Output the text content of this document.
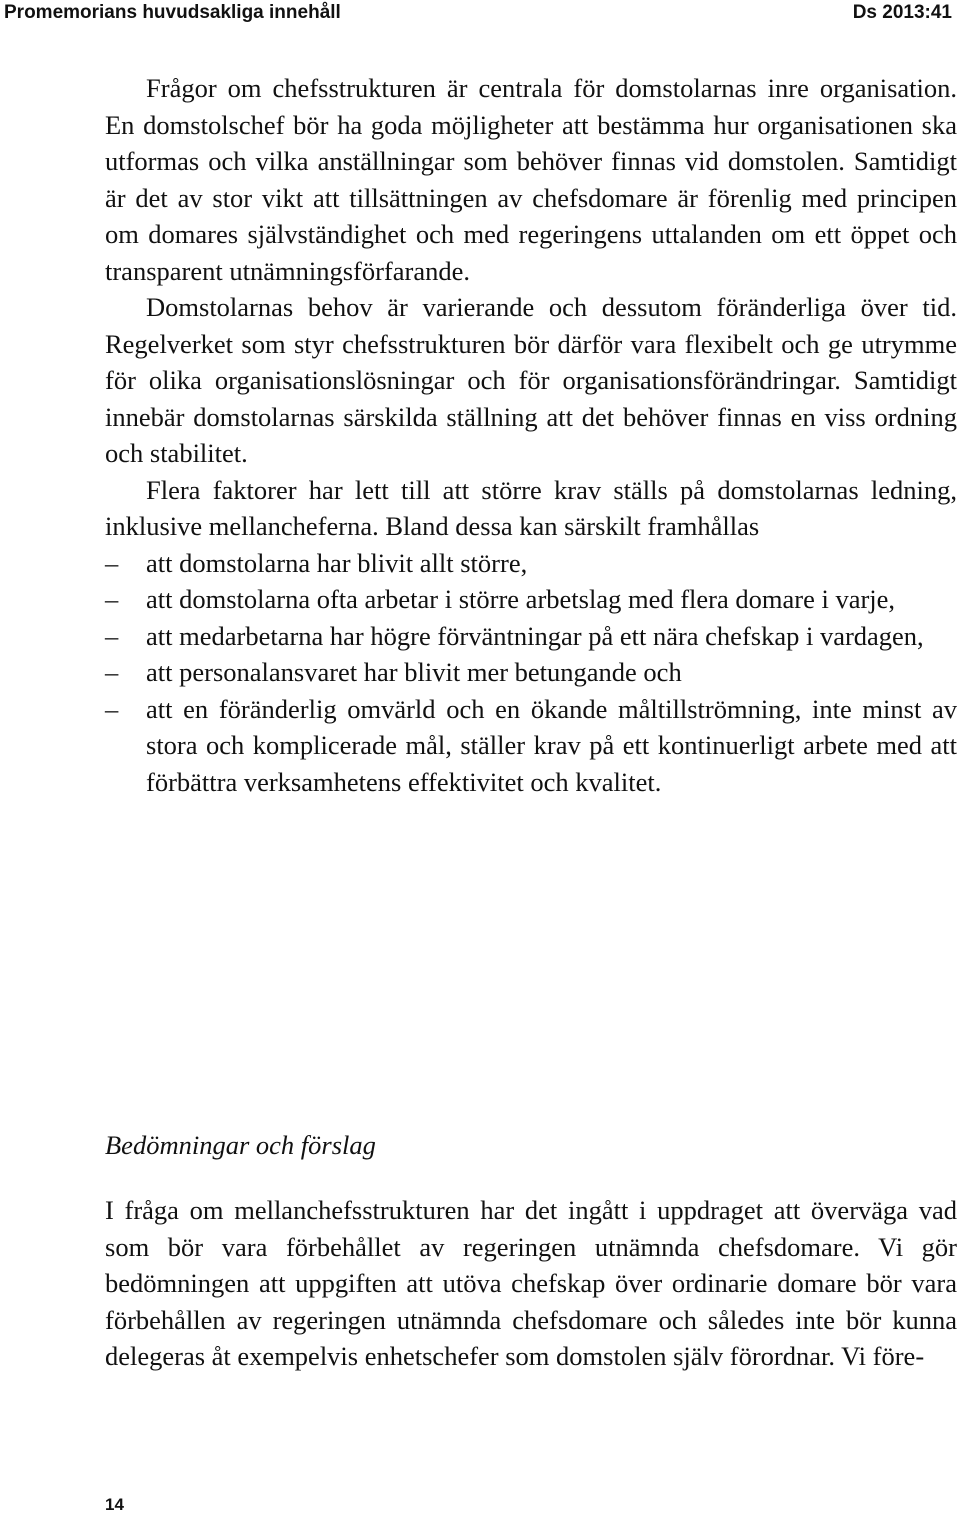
Promemorians huvudsakliga innehåll	Ds 2013:41

Frågor om chefsstrukturen är centrala för domstolarnas inre organisation. En domstolschef bör ha goda möjligheter att bestämma hur organisationen ska utformas och vilka anställningar som behöver finnas vid domstolen. Samtidigt är det av stor vikt att tillsättningen av chefsdomare är förenlig med principen om domares självständighet och med regeringens uttalanden om ett öppet och transparent utnämningsförfarande.

Domstolarnas behov är varierande och dessutom föränderliga över tid. Regelverket som styr chefsstrukturen bör därför vara flexibelt och ge utrymme för olika organisationslösningar och för organisationsförändringar. Samtidigt innebär domstolarnas särskilda ställning att det behöver finnas en viss ordning och stabilitet.

Flera faktorer har lett till att större krav ställs på domstolarnas ledning, inklusive mellancheferna. Bland dessa kan särskilt framhållas

– att domstolarna har blivit allt större,
– att domstolarna ofta arbetar i större arbetslag med flera domare i varje,
– att medarbetarna har högre förväntningar på ett nära chefskap i vardagen,
– att personalansvaret har blivit mer betungande och
– att en föränderlig omvärld och en ökande måltillströmning, inte minst av stora och komplicerade mål, ställer krav på ett kontinuerligt arbete med att förbättra verksamhetens effektivitet och kvalitet.
Bedömningar och förslag

I fråga om mellanchefsstrukturen har det ingått i uppdraget att överväga vad som bör vara förbehållet av regeringen utnämnda chefsdomare. Vi gör bedömningen att uppgiften att utöva chefskap över ordinarie domare bör vara förbehållen av regeringen utnämnda chefsdomare och således inte bör kunna delegeras åt exempelvis enhetschefer som domstolen själv förordnar. Vi före-

14
